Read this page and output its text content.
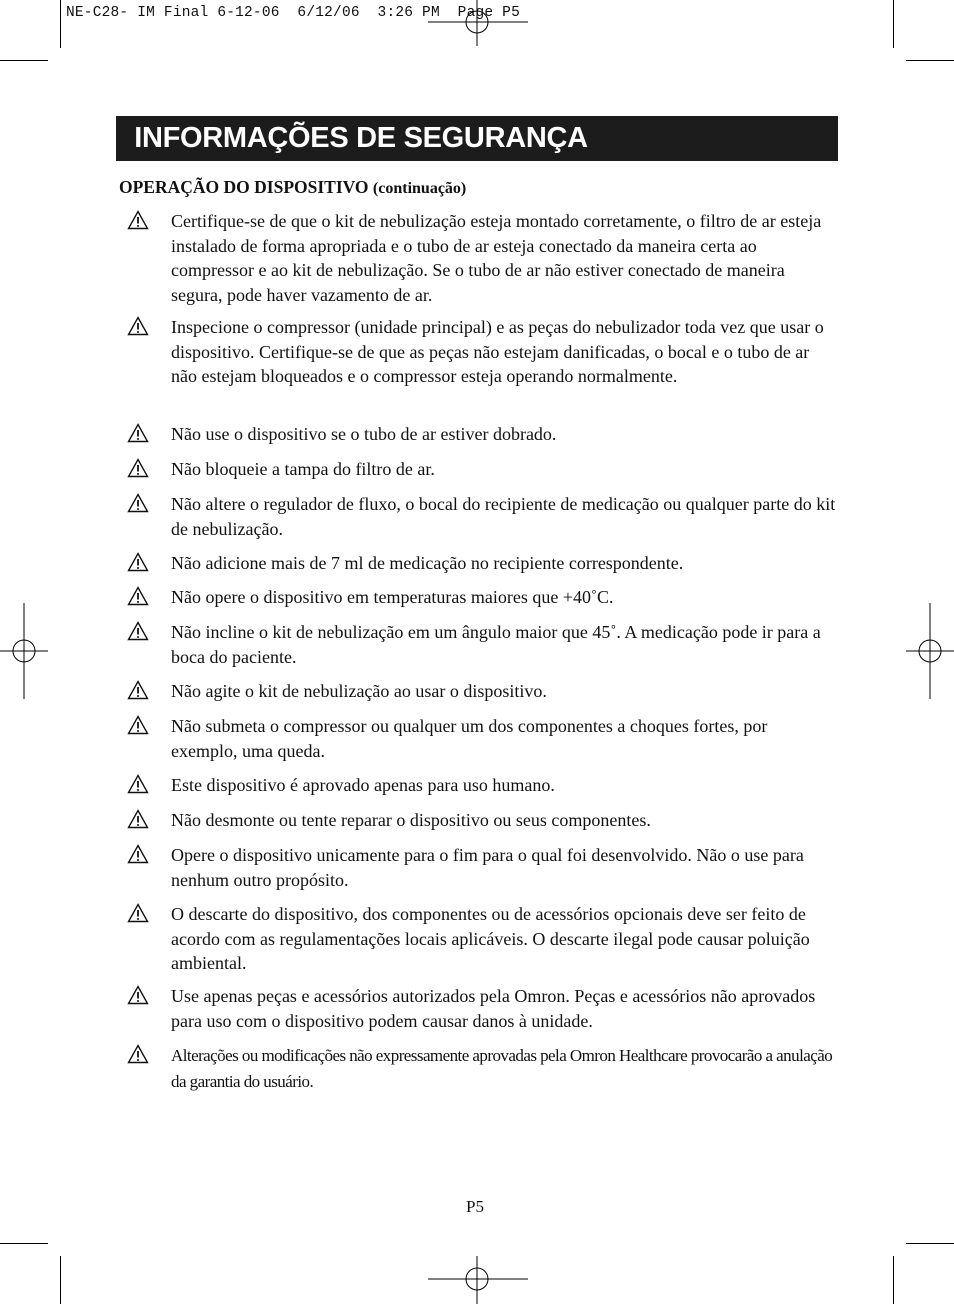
NE-C28- IM Final 6-12-06  6/12/06  3:26 PM  Page P5
INFORMAÇÕES DE SEGURANÇA
OPERAÇÃO DO DISPOSITIVO (continuação)
Certifique-se de que o kit de nebulização esteja montado corretamente, o filtro de ar esteja instalado de forma apropriada e o tubo de ar esteja conectado da maneira certa ao compressor e ao kit de nebulização. Se o tubo de ar não estiver conectado de maneira segura, pode haver vazamento de ar.
Inspecione o compressor (unidade principal) e as peças do nebulizador toda vez que usar o dispositivo. Certifique-se de que as peças não estejam danificadas, o bocal e o tubo de ar não estejam bloqueados e o compressor esteja operando normalmente.
Não use o dispositivo se o tubo de ar estiver dobrado.
Não bloqueie a tampa do filtro de ar.
Não altere o regulador de fluxo, o bocal do recipiente de medicação ou qualquer parte do kit de nebulização.
Não adicione mais de 7 ml de medicação no recipiente correspondente.
Não opere o dispositivo em temperaturas maiores que +40˚C.
Não incline o kit de nebulização em um ângulo maior que 45˚. A medicação pode ir para a boca do paciente.
Não agite o kit de nebulização ao usar o dispositivo.
Não submeta o compressor ou qualquer um dos componentes a choques fortes, por exemplo, uma queda.
Este dispositivo é aprovado apenas para uso humano.
Não desmonte ou tente reparar o dispositivo ou seus componentes.
Opere o dispositivo unicamente para o fim para o qual foi desenvolvido. Não o use para nenhum outro propósito.
O descarte do dispositivo, dos componentes ou de acessórios opcionais deve ser feito de acordo com as regulamentações locais aplicáveis. O descarte ilegal pode causar poluição ambiental.
Use apenas peças e acessórios autorizados pela Omron. Peças e acessórios não aprovados para uso com o dispositivo podem causar danos à unidade.
Alterações ou modificações não expressamente aprovadas pela Omron Healthcare provocarão a anulação da garantia do usuário.
P5
